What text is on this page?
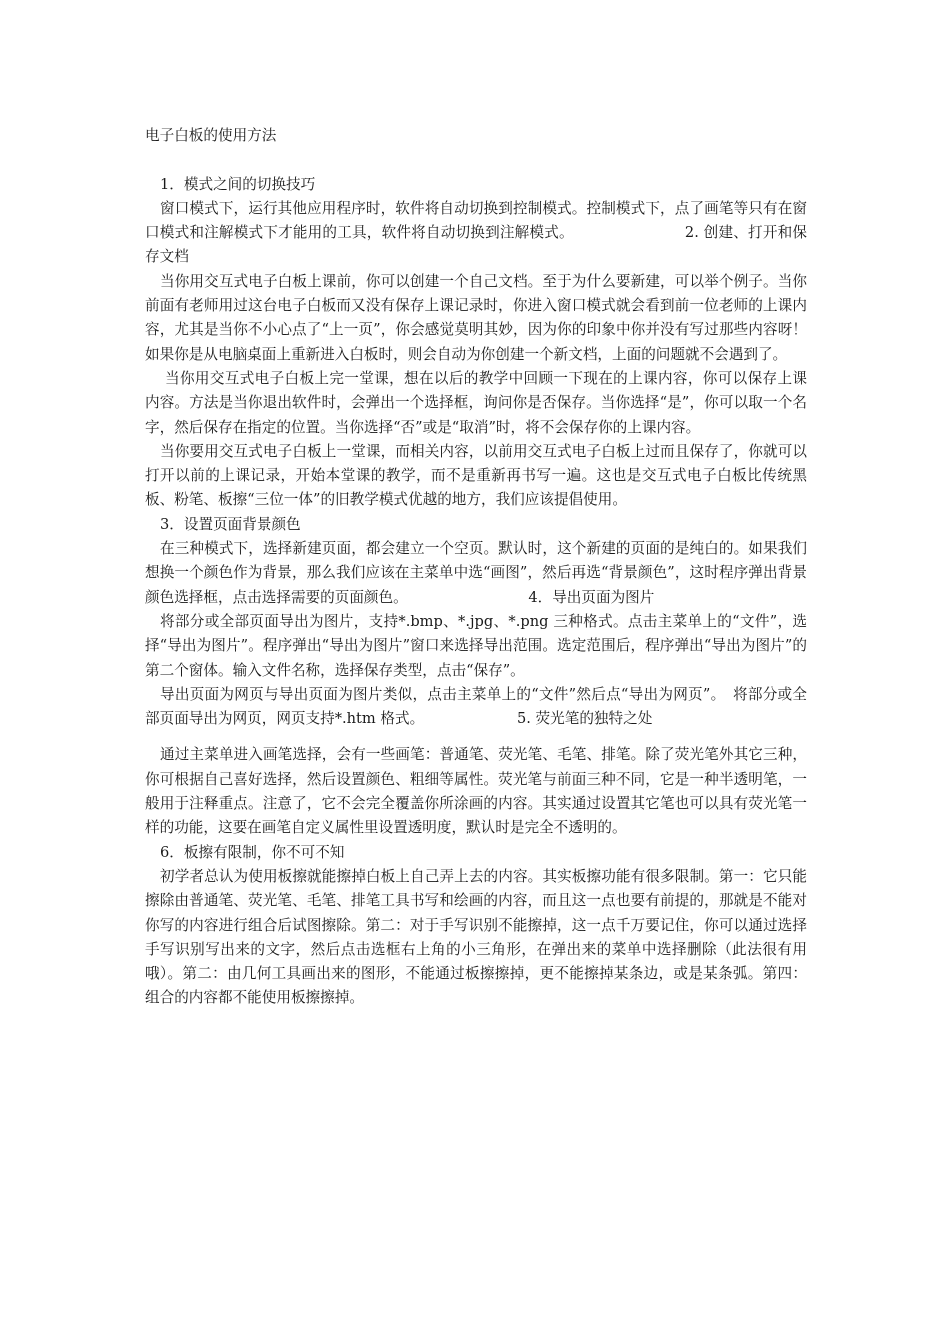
电子白板的使用方法

1．模式之间的切换技巧

窗口模式下，运行其他应用程序时，软件将自动切换到控制模式。控制模式下，点了画笔等只有在窗口模式和注解模式下才能用的工具，软件将自动切换到注解模式。	2. 创建、打开和保存文档

当你用交互式电子白板上课前，你可以创建一个自己文档。至于为什么要新建，可以举个例子。当你前面有老师用过这台电子白板而又没有保存上课记录时，你进入窗口模式就会看到前一位老师的上课内容，尤其是当你不小心点了“上一页”，你会感觉莫明其妙，因为你的印象中你并没有写过那些内容呀！如果你是从电脑桌面上重新进入白板时，则会自动为你创建一个新文档，上面的问题就不会遇到了。

当你用交互式电子白板上完一堂课，想在以后的教学中回顾一下现在的上课内容，你可以保存上课内容。方法是当你退出软件时，会弹出一个选择框，询问你是否保存。当你选择“是”，你可以取一个名字，然后保存在指定的位置。当你选择“否”或是“取消”时，将不会保存你的上课内容。

当你要用交互式电子白板上一堂课，而相关内容，以前用交互式电子白板上过而且保存了，你就可以打开以前的上课记录，开始本堂课的教学，而不是重新再书写一遍。这也是交互式电子白板比传统黑板、粉笔、板擦“三位一体”的旧教学模式优越的地方，我们应该提倡使用。

3．设置页面背景颜色

在三种模式下，选择新建页面，都会建立一个空页。默认时，这个新建的页面的是纯白的。如果我们想换一个颜色作为背景，那么我们应该在主菜单中选“画图”，然后再选“背景颜色”，这时程序弹出背景颜色选择框，点击选择需要的页面颜色。	4．导出页面为图片

将部分或全部页面导出为图片，支持*.bmp、*.jpg、*.png 三种格式。点击主菜单上的“文件”，选择“导出为图片”。程序弹出“导出为图片”窗口来选择导出范围。选定范围后，程序弹出“导出为图片”的第二个窗体。输入文件名称，选择保存类型，点击“保存”。

导出页面为网页与导出页面为图片类似，点击主菜单上的“文件”然后点“导出为网页”。　将部分或全部页面导出为网页，网页支持*.htm 格式。	5. 荧光笔的独特之处

通过主菜单进入画笔选择，会有一些画笔：普通笔、荧光笔、毛笔、排笔。除了荧光笔外其它三种，你可根据自己喜好选择，然后设置颜色、粗细等属性。荧光笔与前面三种不同，它是一种半透明笔，一般用于注释重点。注意了，它不会完全覆盖你所涂画的内容。其实通过设置其它笔也可以具有荧光笔一样的功能，这要在画笔自定义属性里设置透明度，默认时是完全不透明的。

6．板擦有限制，你不可不知

初学者总认为使用板擦就能擦掉白板上自己弄上去的内容。其实板擦功能有很多限制。第一：它只能擦除由普通笔、荧光笔、毛笔、排笔工具书写和绘画的内容，而且这一点也要有前提的，那就是不能对你写的内容进行组合后试图擦除。第二：对于手写识别不能擦掉，这一点千万要记住，你可以通过选择手写识别写出来的文字，然后点击选框右上角的小三角形，在弹出来的菜单中选择删除（此法很有用哦）。第二：由几何工具画出来的图形，不能通过板擦擦掉，更不能擦掉某条边，或是某条弧。第四：组合的内容都不能使用板擦擦掉。
